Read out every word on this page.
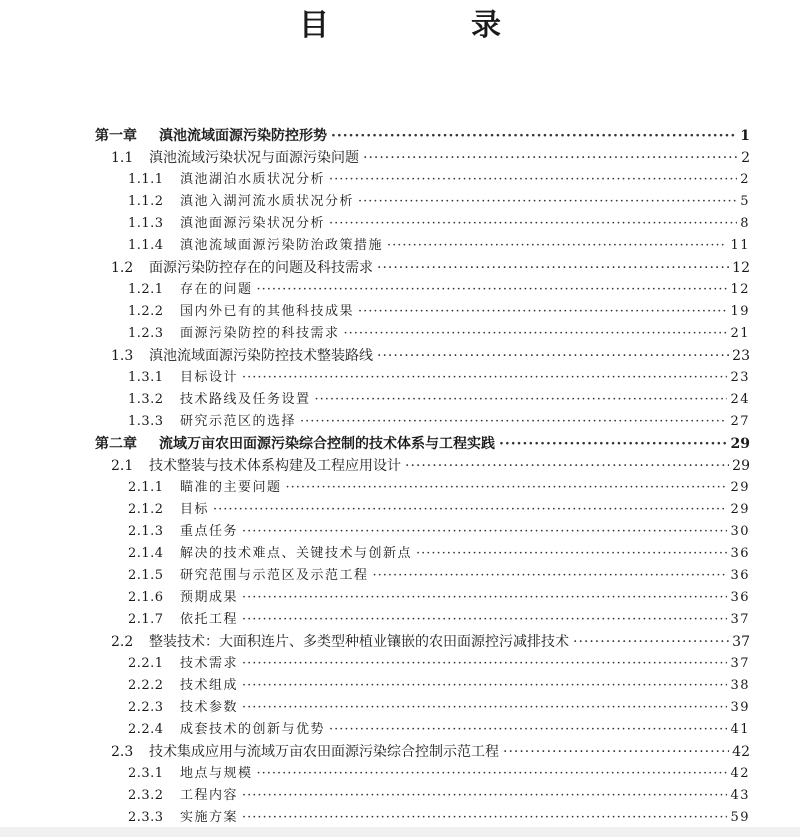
目　录
第一章	滇池流域面源污染防控形势 ·····	1
1.1	滇池流域污染状况与面源污染问题 ·····	2
1.1.1	滇池湖泊水质状况分析 ·····	2
1.1.2	滇池入湖河流水质状况分析 ·····	5
1.1.3	滇池面源污染状况分析 ·····	8
1.1.4	滇池流域面源污染防治政策措施 ·····	11
1.2	面源污染防控存在的问题及科技需求 ·····	12
1.2.1	存在的问题 ·····	12
1.2.2	国内外已有的其他科技成果 ·····	19
1.2.3	面源污染防控的科技需求 ·····	21
1.3	滇池流域面源污染防控技术整装路线 ·····	23
1.3.1	目标设计 ·····	23
1.3.2	技术路线及任务设置 ·····	24
1.3.3	研究示范区的选择 ·····	27
第二章	流域万亩农田面源污染综合控制的技术体系与工程实践 ·····	29
2.1	技术整装与技术体系构建及工程应用设计 ·····	29
2.1.1	瞄准的主要问题 ·····	29
2.1.2	目标 ·····	29
2.1.3	重点任务 ·····	30
2.1.4	解决的技术难点、关键技术与创新点 ·····	36
2.1.5	研究范围与示范区及示范工程 ·····	36
2.1.6	预期成果 ·····	36
2.1.7	依托工程 ·····	37
2.2	整装技术：大面积连片、多类型种植业镶嵌的农田面源控污减排技术 ·····	37
2.2.1	技术需求 ·····	37
2.2.2	技术组成 ·····	38
2.2.3	技术参数 ·····	39
2.2.4	成套技术的创新与优势 ·····	41
2.3	技术集成应用与流域万亩农田面源污染综合控制示范工程 ·····	42
2.3.1	地点与规模 ·····	42
2.3.2	工程内容 ·····	43
2.3.3	实施方案 ·····	59
